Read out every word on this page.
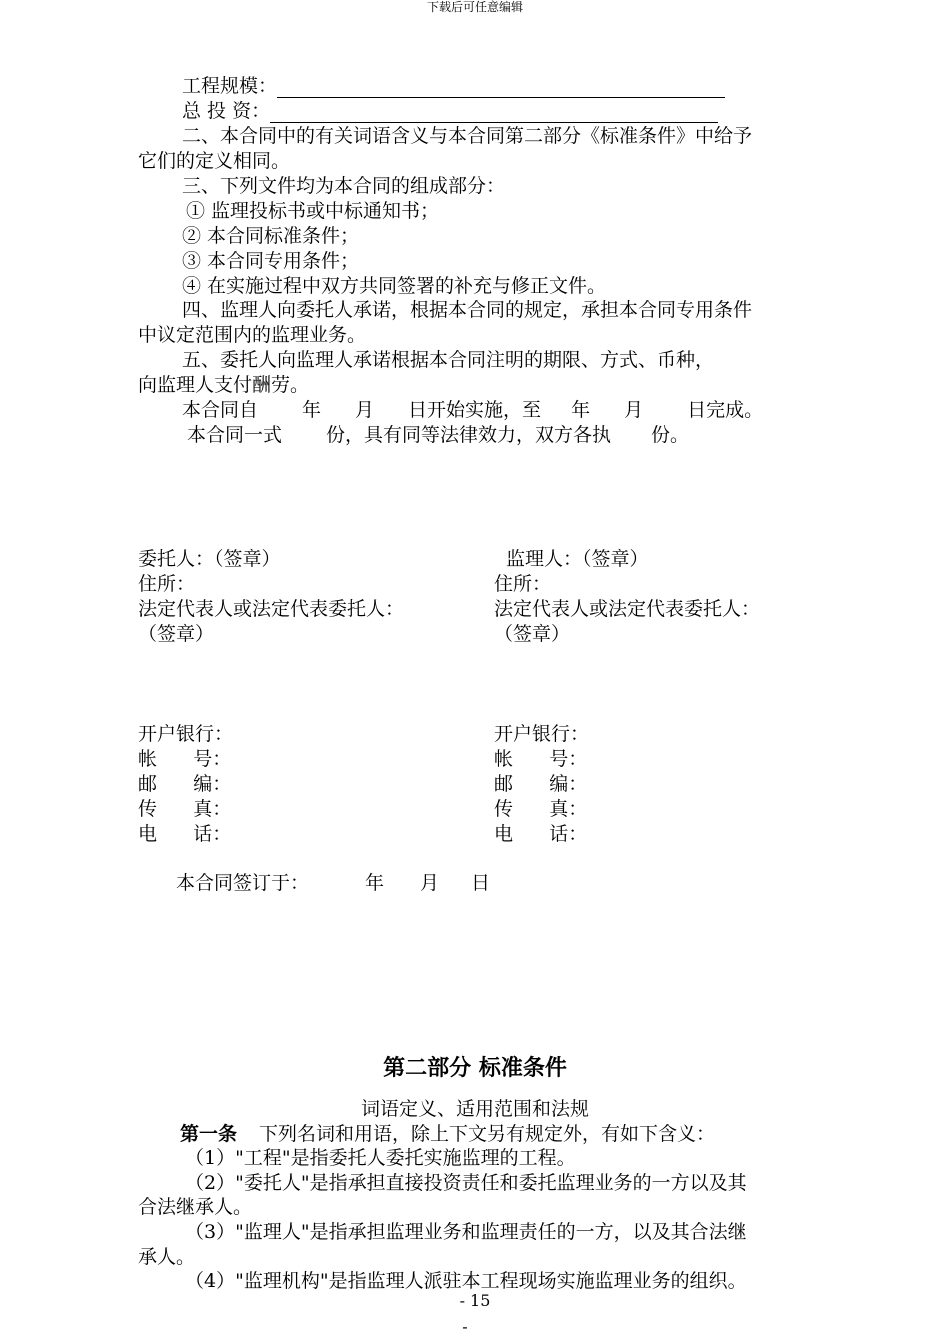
下载后可任意编辑
工程规模：
总 投 资：
二、本合同中的有关词语含义与本合同第二部分《标准条件》中给予
它们的定义相同。
三、下列文件均为本合同的组成部分：
① 监理投标书或中标通知书；
② 本合同标准条件；
③ 本合同专用条件；
④ 在实施过程中双方共同签署的补充与修正文件。
四、监理人向委托人承诺，根据本合同的规定，承担本合同专用条件
中议定范围内的监理业务。
五、委托人向监理人承诺根据本合同注明的期限、方式、币种，
向监理人支付酬劳。
本合同自 年 月 日开始实施，至 年 月 日完成。
本合同一式 份，具有同等法律效力，双方各执 份。
委托人：（签章）	监理人：（签章）
住所：	住所：
法定代表人或法定代表委托人：	法定代表人或法定代表委托人：
（签章）	（签章）
开户银行：	开户银行：
帐      号：	帐      号：
邮      编：	邮      编：
传      真：	传      真：
电      话：	电      话：
本合同签订于：	年 月 日
第二部分 标准条件
词语定义、适用范围和法规
第一条 下列名词和用语，除上下文另有规定外，有如下含义：
（1）"工程"是指委托人委托实施监理的工程。
（2）"委托人"是指承担直接投资责任和委托监理业务的一方以及其
合法继承人。
（3）"监理人"是指承担监理业务和监理责任的一方，以及其合法继
承人。
（4）"监理机构"是指监理人派驻本工程现场实施监理业务的组织。
- 15
-
